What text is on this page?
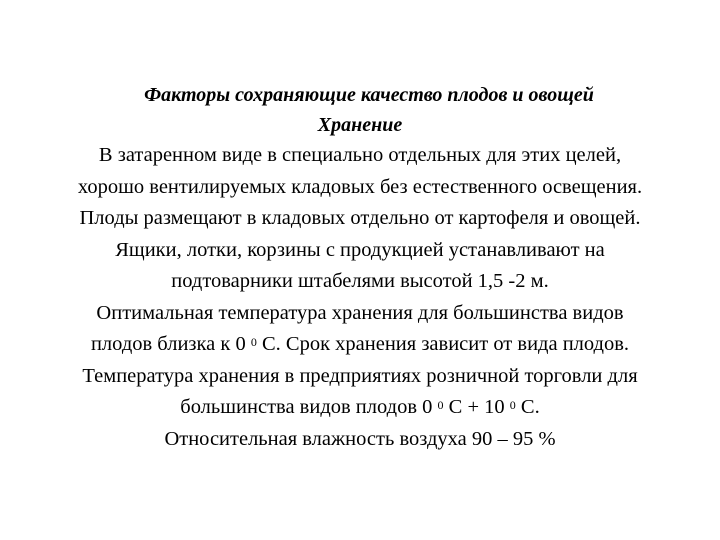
Факторы сохраняющие качество плодов и овощей

Хранение

В затаренном виде в специально отдельных для этих целей,

хорошо вентилируемых кладовых без естественного освещения.

Плоды размещают в кладовых отдельно от картофеля и овощей.

Ящики, лотки, корзины с продукцией устанавливают на

подтоварники штабелями высотой 1,5 -2 м.

Оптимальная температура хранения для большинства видов

плодов близка к 0 $^0$ С. Срок хранения зависит от вида плодов.

Температура хранения в предприятиях розничной торговли для

большинства видов плодов 0 $^0$ С + 10 $^0$ С.

Относительная влажность воздуха 90 – 95 %
